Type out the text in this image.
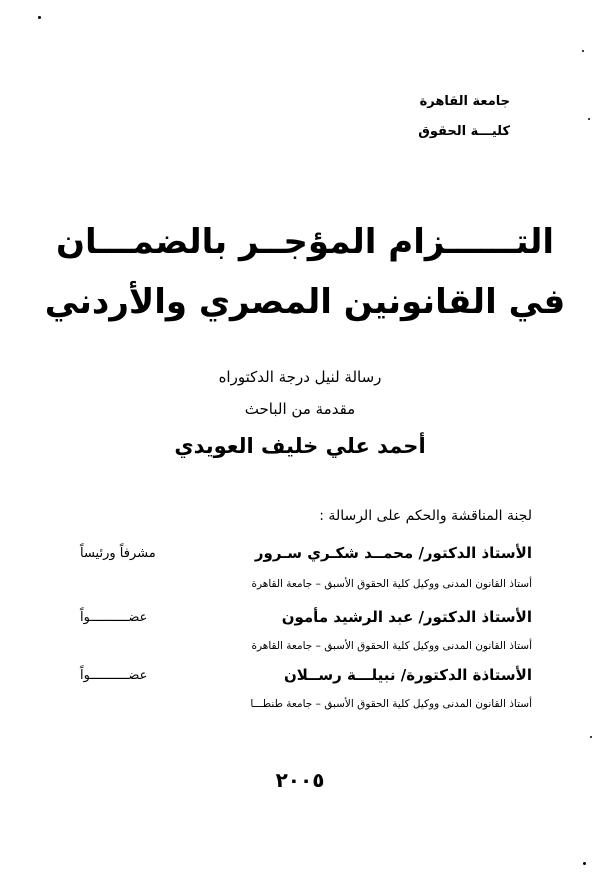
جامعة القاهرة
كليـــة الحقوق
التــــــزام المؤجــر بالضمـــان
في القانونين المصري والأردني
رسالة لنيل درجة الدكتوراه
مقدمة من الباحث
أحمد علي خليف العويدي
لجنة المناقشة والحكم على الرسالة :
الأستاذ الدكتور/ محمــد شكـري سـرور
مشرفاً ورئيساً
أستاذ القانون المدنى ووكيل كلية الحقوق الأسبق – جامعة القاهرة
الأستاذ الدكتور/ عبد الرشيد مأمون
عضــــــــــواً
أستاذ القانون المدنى ووكيل كلية الحقوق الأسبق – جامعة القاهرة
الأستاذة الدكتورة/ نبيلـــة رســلان
عضــــــــــواً
أستاذ القانون المدنى ووكيل كلية الحقوق الأسبق – جامعة طنطـــا
٢٠٠٥
